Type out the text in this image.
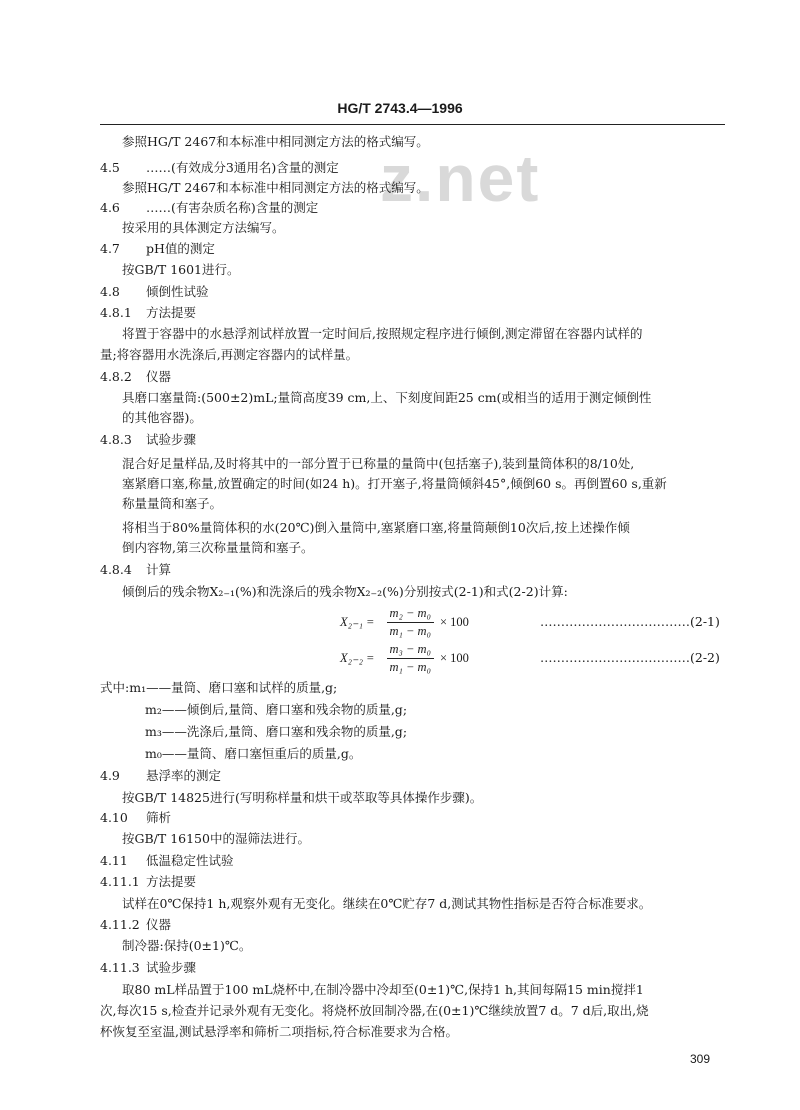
HG/T 2743.4—1996
z.net
参照HG/T 2467和本标准中相同测定方法的格式编写。
4.5 ……(有效成分3通用名)含量的测定
参照HG/T 2467和本标准中相同测定方法的格式编写。
4.6 ……(有害杂质名称)含量的测定
按采用的具体测定方法编写。
4.7 pH值的测定
按GB/T 1601进行。
4.8 倾倒性试验
4.8.1 方法提要
将置于容器中的水悬浮剂试样放置一定时间后,按照规定程序进行倾倒,测定滞留在容器内试样的
量;将容器用水洗涤后,再测定容器内的试样量。
4.8.2 仪器
具磨口塞量筒:(500±2)mL;量筒高度39 cm,上、下刻度间距25 cm(或相当的适用于测定倾倒性
的其他容器)。
4.8.3 试验步骤
混合好足量样品,及时将其中的一部分置于已称量的量筒中(包括塞子),装到量筒体积的8/10处,
塞紧磨口塞,称量,放置确定的时间(如24 h)。打开塞子,将量筒倾斜45°,倾倒60 s。再倒置60 s,重新
称量量筒和塞子。
将相当于80%量筒体积的水(20℃)倒入量筒中,塞紧磨口塞,将量筒颠倒10次后,按上述操作倾
倒内容物,第三次称量量筒和塞子。
4.8.4 计算
倾倒后的残余物X₂₋₁(%)和洗涤后的残余物X₂₋₂(%)分别按式(2-1)和式(2-2)计算:
$X_{2-1} = \frac{\text{m₂ − m₀}}{\text{m₁ − m₀}} \times 100$	………………………………(2-1)
$X_{2-2} = \frac{\text{m₃ − m₀}}{\text{m₁ − m₀}} \times 100$	………………………………(2-2)
式中:m₁——量筒、磨口塞和试样的质量,g;
m₂——倾倒后,量筒、磨口塞和残余物的质量,g;
m₃——洗涤后,量筒、磨口塞和残余物的质量,g;
m₀——量筒、磨口塞恒重后的质量,g。
4.9 悬浮率的测定
按GB/T 14825进行(写明称样量和烘干或萃取等具体操作步骤)。
4.10 筛析
按GB/T 16150中的湿筛法进行。
4.11 低温稳定性试验
4.11.1 方法提要
试样在0℃保持1 h,观察外观有无变化。继续在0℃贮存7 d,测试其物性指标是否符合标准要求。
4.11.2 仪器
制冷器:保持(0±1)℃。
4.11.3 试验步骤
取80 mL样品置于100 mL烧杯中,在制冷器中冷却至(0±1)℃,保持1 h,其间每隔15 min搅拌1
次,每次15 s,检查并记录外观有无变化。将烧杯放回制冷器,在(0±1)℃继续放置7 d。7 d后,取出,烧
杯恢复至室温,测试悬浮率和筛析二项指标,符合标准要求为合格。
309
